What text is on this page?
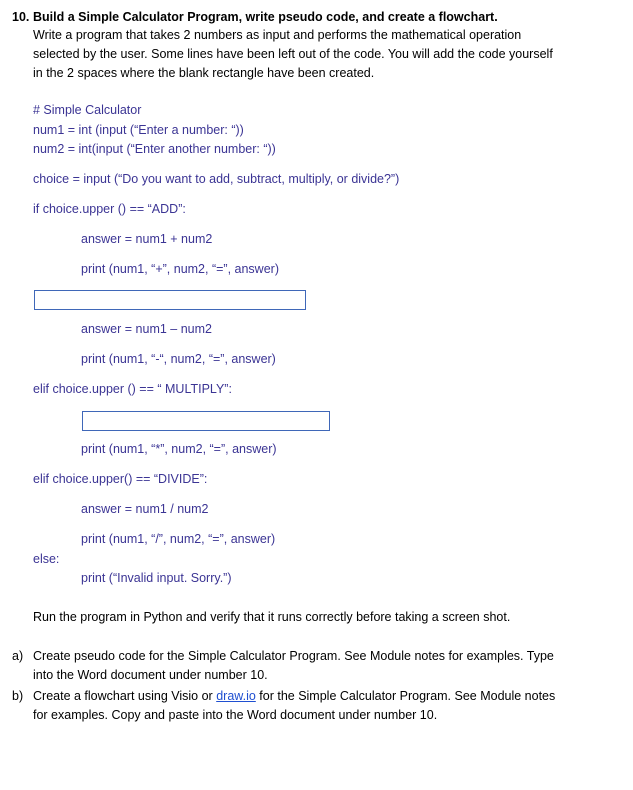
10. Build a Simple Calculator Program, write pseudo code, and create a flowchart.
Write a program that takes 2 numbers as input and performs the mathematical operation
selected by the user. Some lines have been left out of the code. You will add the code yourself
in the 2 spaces where the blank rectangle have been created.
# Simple Calculator
num1 = int (input (“Enter a number: “))
num2 = int(input (“Enter another number: “))
choice = input (“Do you want to add, subtract, multiply, or divide?”)
if choice.upper () == “ADD”:
answer = num1 + num2
print (num1, “+”, num2, “=”, answer)
answer = num1 – num2
print (num1, “-“, num2, “=”, answer)
elif choice.upper () == “ MULTIPLY”:
print (num1, “*”, num2, “=”, answer)
elif choice.upper() == “DIVIDE”:
answer = num1 / num2
print (num1, “/”, num2, “=”, answer)
else:
print (“Invalid input. Sorry.”)
Run the program in Python and verify that it runs correctly before taking a screen shot.
a) Create pseudo code for the Simple Calculator Program. See Module notes for examples. Type
into the Word document under number 10.
b) Create a flowchart using Visio or draw.io for the Simple Calculator Program. See Module notes
for examples. Copy and paste into the Word document under number 10.
